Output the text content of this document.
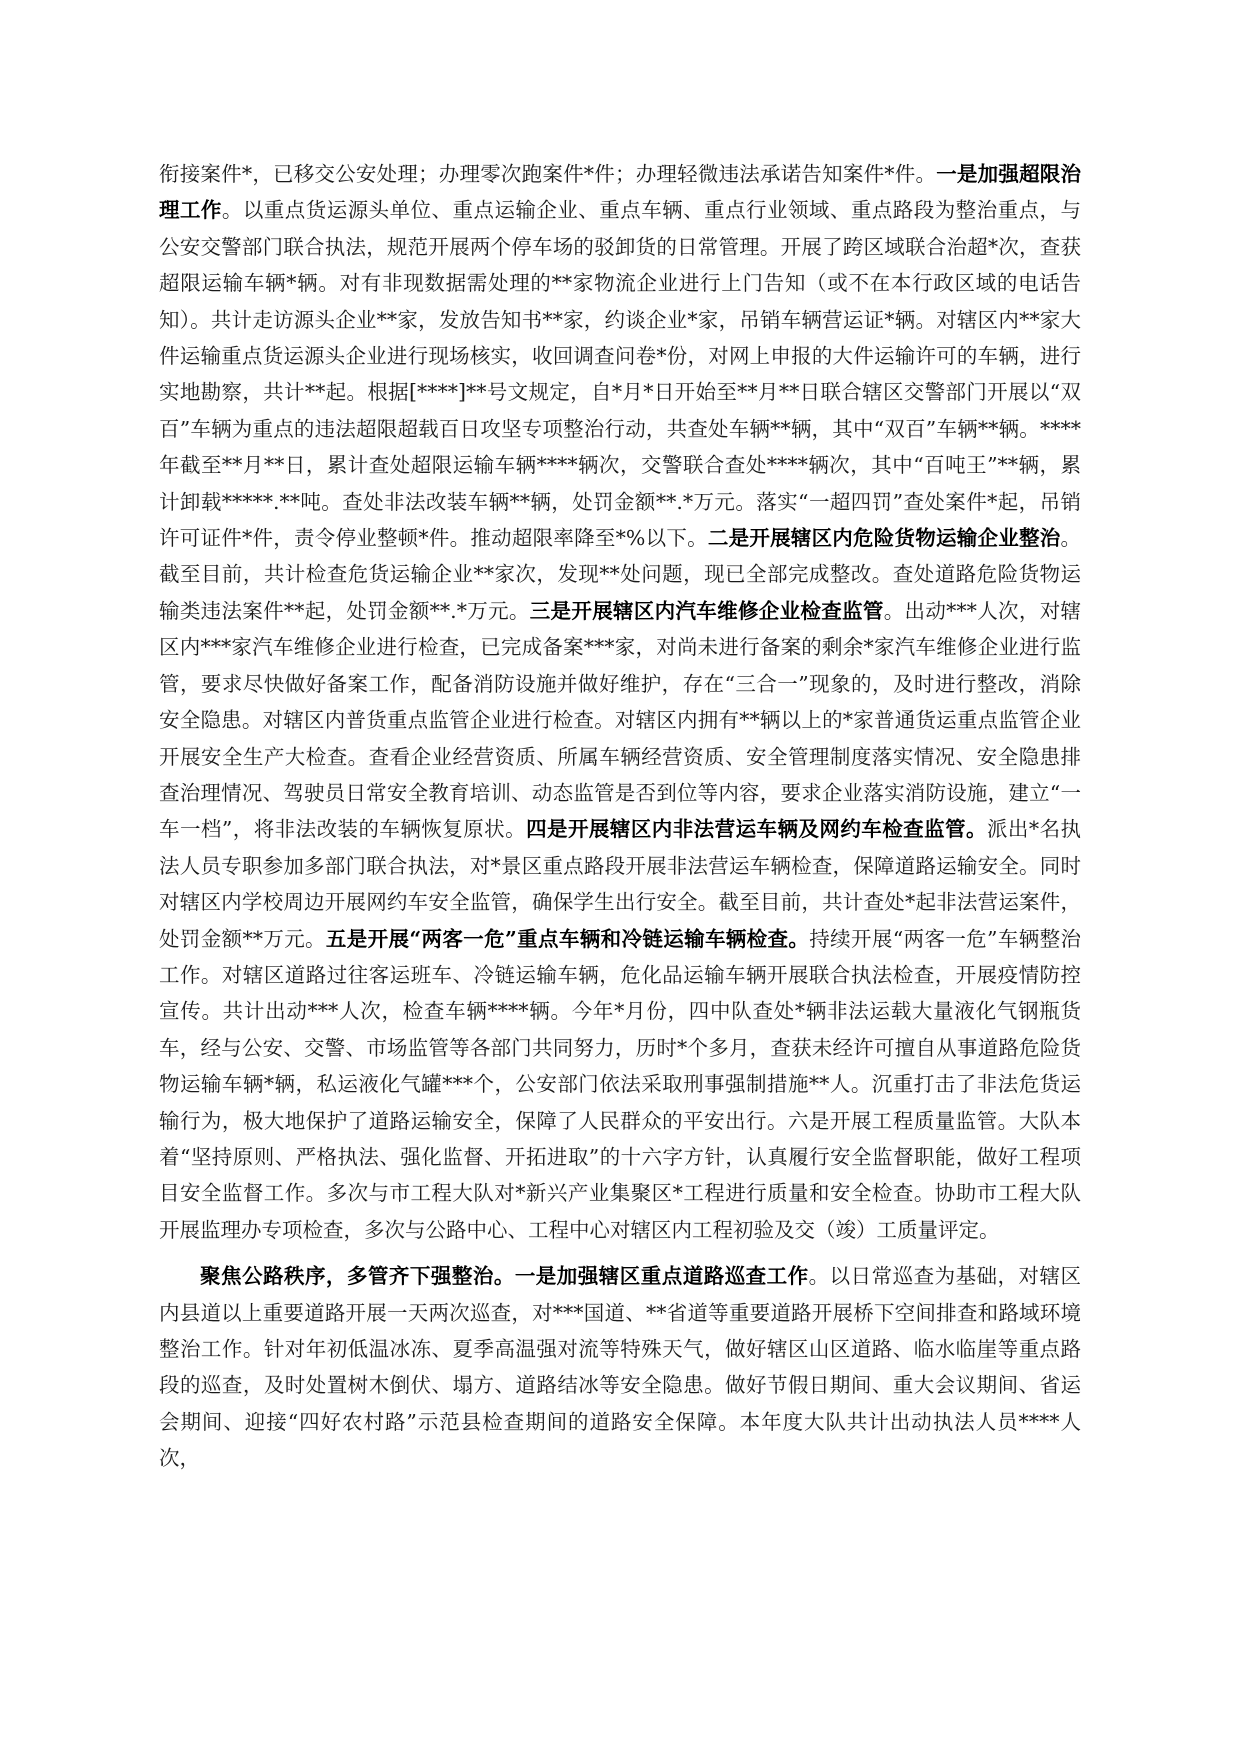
衔接案件*，已移交公安处理；办理零次跑案件*件；办理轻微违法承诺告知案件*件。一是加强超限治理工作。以重点货运源头单位、重点运输企业、重点车辆、重点行业领域、重点路段为整治重点，与公安交警部门联合执法，规范开展两个停车场的驳卸货的日常管理。开展了跨区域联合治超*次，查获超限运输车辆*辆。对有非现数据需处理的**家物流企业进行上门告知（或不在本行政区域的电话告知）。共计走访源头企业**家，发放告知书**家，约谈企业*家，吊销车辆营运证*辆。对辖区内**家大件运输重点货运源头企业进行现场核实，收回调查问卷*份，对网上申报的大件运输许可的车辆，进行实地勘察，共计**起。根据[****]**号文规定，自*月*日开始至**月**日联合辖区交警部门开展以“双百”车辆为重点的违法超限超载百日攻坚专项整治行动，共查处车辆**辆，其中“双百”车辆**辆。****年截至**月**日，累计查处超限运输车辆****辆次，交警联合查处****辆次，其中“百吨王”**辆，累计卸载*****.**吨。查处非法改装车辆**辆，处罚金额**.*万元。落实“一超四罚”查处案件*起，吊销许可证件*件，责令停业整顿*件。推动超限率降至*%以下。二是开展辖区内危险货物运输企业整治。截至目前，共计检查危货运输企业**家次，发现**处问题，现已全部完成整改。查处道路危险货物运输类违法案件**起，处罚金额**.*万元。三是开展辖区内汽车维修企业检查监管。出动***人次，对辖区内***家汽车维修企业进行检查，已完成备案***家，对尚未进行备案的剩余*家汽车维修企业进行监管，要求尽快做好备案工作，配备消防设施并做好维护，存在“三合一”现象的，及时进行整改，消除安全隐患。对辖区内普货重点监管企业进行检查。对辖区内拥有**辆以上的*家普通货运重点监管企业开展安全生产大检查。查看企业经营资质、所属车辆经营资质、安全管理制度落实情况、安全隐患排查治理情况、驾驶员日常安全教育培训、动态监管是否到位等内容，要求企业落实消防设施，建立“一车一档”，将非法改装的车辆恢复原状。四是开展辖区内非法营运车辆及网约车检查监管。派出*名执法人员专职参加多部门联合执法，对*景区重点路段开展非法营运车辆检查，保障道路运输安全。同时对辖区内学校周边开展网约车安全监管，确保学生出行安全。截至目前，共计查处*起非法营运案件，处罚金额**万元。五是开展“两客一危”重点车辆和冷链运输车辆检查。持续开展“两客一危”车辆整治工作。对辖区道路过往客运班车、冷链运输车辆，危化品运输车辆开展联合执法检查，开展疫情防控宣传。共计出动***人次，检查车辆****辆。今年*月份，四中队查处*辆非法运载大量液化气钢瓶货车，经与公安、交警、市场监管等各部门共同努力，历时*个多月，查获未经许可擅自从事道路危险货物运输车辆*辆，私运液化气罐***个，公安部门依法采取刑事强制措施**人。沉重打击了非法危货运输行为，极大地保护了道路运输安全，保障了人民群众的平安出行。六是开展工程质量监管。大队本着“坚持原则、严格执法、强化监督、开拓进取”的十六字方针，认真履行安全监督职能，做好工程项目安全监督工作。多次与市工程大队对*新兴产业集聚区*工程进行质量和安全检查。协助市工程大队开展监理办专项检查，多次与公路中心、工程中心对辖区内工程初验及交（竣）工质量评定。

聚焦公路秩序，多管齐下强整治。一是加强辖区重点道路巡查工作。以日常巡查为基础，对辖区内县道以上重要道路开展一天两次巡查，对***国道、**省道等重要道路开展桥下空间排查和路域环境整治工作。针对年初低温冰冻、夏季高温强对流等特殊天气，做好辖区山区道路、临水临崖等重点路段的巡查，及时处置树木倒伏、塌方、道路结冰等安全隐患。做好节假日期间、重大会议期间、省运会期间、迎接“四好农村路”示范县检查期间的道路安全保障。本年度大队共计出动执法人员****人次，
